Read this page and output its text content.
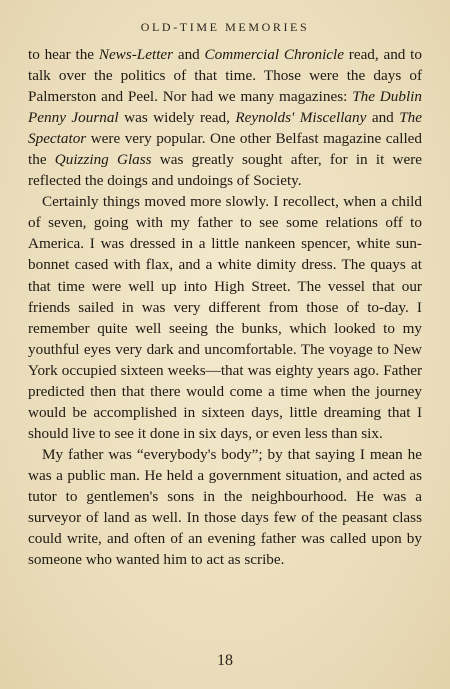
OLD-TIME MEMORIES

to hear the News-Letter and Commercial Chronicle read, and to talk over the politics of that time. Those were the days of Palmerston and Peel. Nor had we many magazines: The Dublin Penny Journal was widely read, Reynolds' Miscellany and The Spectator were very popular. One other Belfast magazine called the Quizzing Glass was greatly sought after, for in it were reflected the doings and undoings of Society.

Certainly things moved more slowly. I recollect, when a child of seven, going with my father to see some relations off to America. I was dressed in a little nankeen spencer, white sun-bonnet cased with flax, and a white dimity dress. The quays at that time were well up into High Street. The vessel that our friends sailed in was very different from those of to-day. I remember quite well seeing the bunks, which looked to my youthful eyes very dark and uncomfortable. The voyage to New York occupied sixteen weeks—that was eighty years ago. Father predicted then that there would come a time when the journey would be accomplished in sixteen days, little dreaming that I should live to see it done in six days, or even less than six.

My father was “everybody's body”; by that saying I mean he was a public man. He held a government situation, and acted as tutor to gentlemen's sons in the neighbourhood. He was a surveyor of land as well. In those days few of the peasant class could write, and often of an evening father was called upon by someone who wanted him to act as scribe.

18
